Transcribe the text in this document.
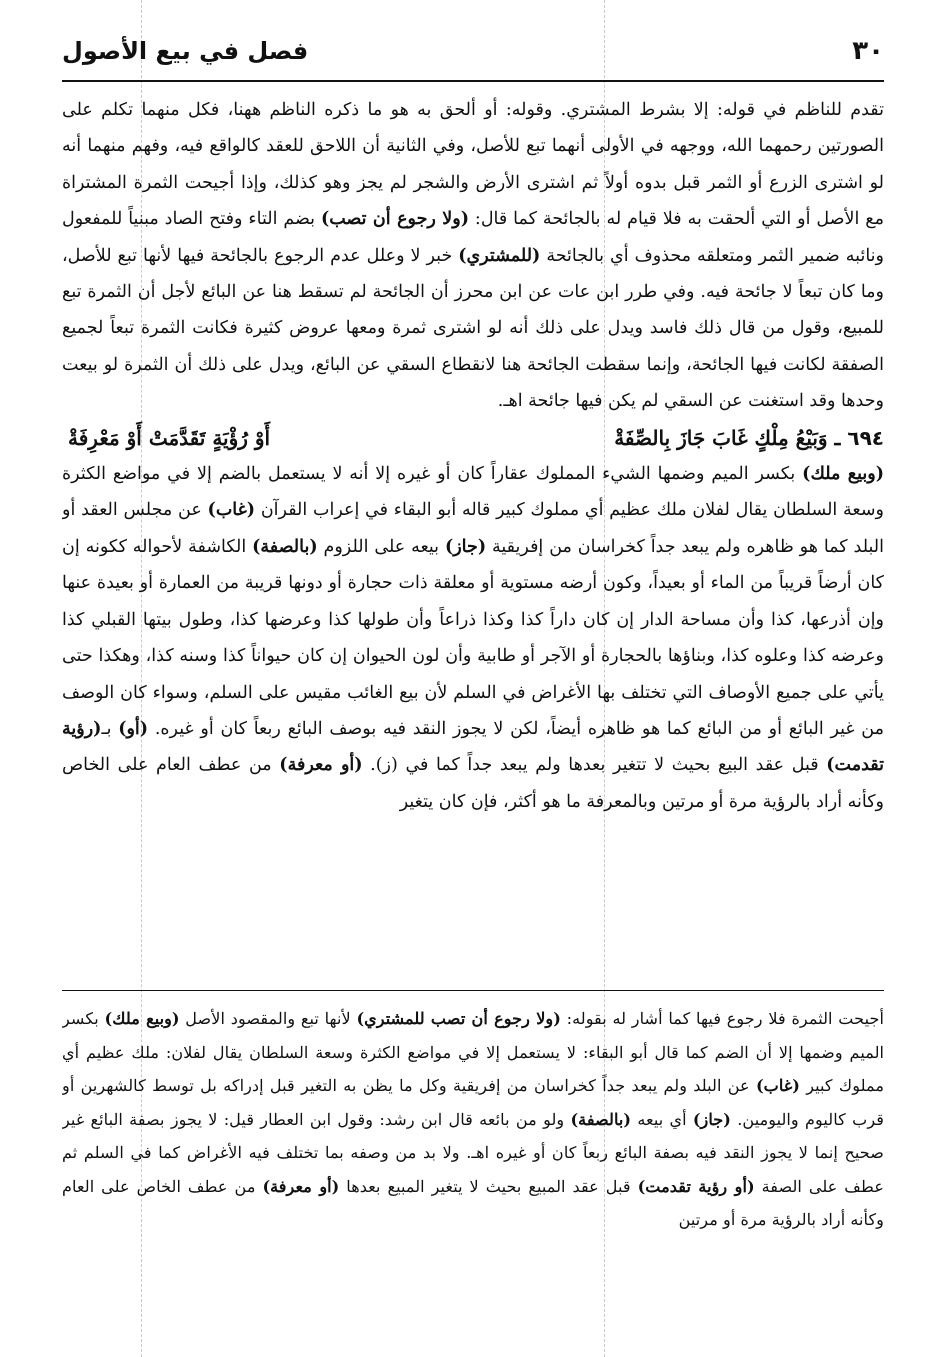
٣٠
فصل في بيع الأصول

تقدم للناظم في قوله: إلا بشرط المشتري. وقوله: أو ألحق به هو ما ذكره الناظم ههنا، فكل منهما تكلم على الصورتين رحمهما الله، ووجهه في الأولى أنهما تبع للأصل، وفي الثانية أن اللاحق للعقد كالواقع فيه، وفهم منهما أنه لو اشترى الزرع أو الثمر قبل بدوه أولاً ثم اشترى الأرض والشجر لم يجز وهو كذلك، وإذا أجيحت الثمرة المشتراة مع الأصل أو التي ألحقت به فلا قيام له بالجائحة كما قال: (ولا رجوع أن تصب) بضم التاء وفتح الصاد مبنياً للمفعول ونائبه ضمير الثمر ومتعلقه محذوف أي بالجائحة (للمشتري) خبر لا وعلل عدم الرجوع بالجائحة فيها لأنها تبع للأصل، وما كان تبعاً لا جائحة فيه. وفي طرر ابن عات عن ابن محرز أن الجائحة لم تسقط هنا عن البائع لأجل أن الثمرة تبع للمبيع، وقول من قال ذلك فاسد ويدل على ذلك أنه لو اشترى ثمرة ومعها عروض كثيرة فكانت الثمرة تبعاً لجميع الصفقة لكانت فيها الجائحة، وإنما سقطت الجائحة هنا لانقطاع السقي عن البائع، ويدل على ذلك أن الثمرة لو بيعت وحدها وقد استغنت عن السقي لم يكن فيها جائحة اهـ.

٦٩٤ ـ وَبَيْعُ مِلْكٍ غَابَ جَازَ بِالصِّفَةْ
أَوْ رُؤْيَةٍ تَقَدَّمَتْ أَوْ مَعْرِفَةْ

(وبيع ملك) بكسر الميم وضمها الشيء المملوك عقاراً كان أو غيره إلا أنه لا يستعمل بالضم إلا في مواضع الكثرة وسعة السلطان يقال لفلان ملك عظيم أي مملوك كبير قاله أبو البقاء في إعراب القرآن (غاب) عن مجلس العقد أو البلد كما هو ظاهره ولم يبعد جداً كخراسان من إفريقية (جاز) بيعه على اللزوم (بالصفة) الكاشفة لأحواله ككونه إن كان أرضاً قريباً من الماء أو بعيداً، وكون أرضه مستوية أو معلقة ذات حجارة أو دونها قريبة من العمارة أو بعيدة عنها وإن أذرعها، كذا وأن مساحة الدار إن كان داراً كذا وكذا ذراعاً وأن طولها كذا وعرضها كذا، وطول بيتها القبلي كذا وعرضه كذا وعلوه كذا، وبناؤها بالحجارة أو الآجر أو طابية وأن لون الحيوان إن كان حيواناً كذا وسنه كذا، وهكذا حتى يأتي على جميع الأوصاف التي تختلف بها الأغراض في السلم لأن بيع الغائب مقيس على السلم، وسواء كان الوصف من غير البائع أو من البائع كما هو ظاهره أيضاً، لكن لا يجوز النقد فيه بوصف البائع ربعاً كان أو غيره. (أو) بـ(رؤية تقدمت) قبل عقد البيع بحيث لا تتغير بعدها ولم يبعد جداً كما في (ز). (أو معرفة) من عطف العام على الخاص وكأنه أراد بالرؤية مرة أو مرتين وبالمعرفة ما هو أكثر، فإن كان يتغير

أجيحت الثمرة فلا رجوع فيها كما أشار له بقوله: (ولا رجوع أن تصب للمشتري) لأنها تبع والمقصود الأصل (وبيع ملك) بكسر الميم وضمها إلا أن الضم كما قال أبو البقاء: لا يستعمل إلا في مواضع الكثرة وسعة السلطان يقال لفلان: ملك عظيم أي مملوك كبير (غاب) عن البلد ولم يبعد جداً كخراسان من إفريقية وكل ما يظن به التغير قبل إدراكه بل توسط كالشهرين أو قرب كاليوم واليومين. (جاز) أي بيعه (بالصفة) ولو من بائعه قال ابن رشد: وقول ابن العطار قيل: لا يجوز بصفة البائع غير صحيح إنما لا يجوز النقد فيه بصفة البائع ربعاً كان أو غيره اهـ. ولا بد من وصفه بما تختلف فيه الأغراض كما في السلم ثم عطف على الصفة (أو رؤية تقدمت) قبل عقد المبيع بحيث لا يتغير المبيع بعدها (أو معرفة) من عطف الخاص على العام وكأنه أراد بالرؤية مرة أو مرتين
